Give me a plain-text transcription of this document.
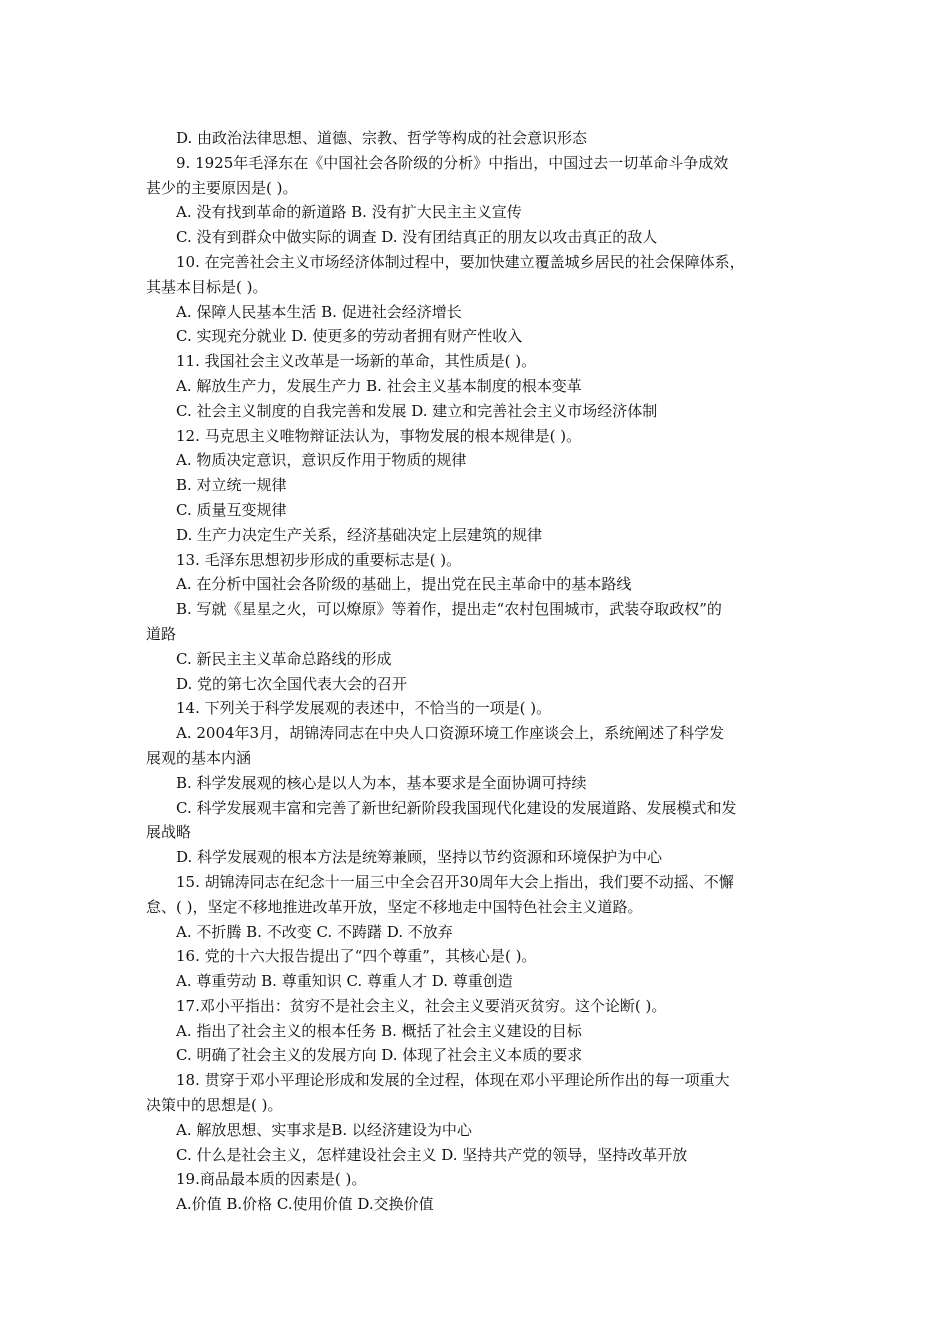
D. 由政治法律思想、道德、宗教、哲学等构成的社会意识形态
9. 1925年毛泽东在《中国社会各阶级的分析》中指出，中国过去一切革命斗争成效
甚少的主要原因是( )。
A. 没有找到革命的新道路 B. 没有扩大民主主义宣传
C. 没有到群众中做实际的调查 D. 没有团结真正的朋友以攻击真正的敌人
10. 在完善社会主义市场经济体制过程中，要加快建立覆盖城乡居民的社会保障体系，
其基本目标是( )。
A. 保障人民基本生活 B. 促进社会经济增长
C. 实现充分就业 D. 使更多的劳动者拥有财产性收入
11. 我国社会主义改革是一场新的革命，其性质是( )。
A. 解放生产力，发展生产力 B. 社会主义基本制度的根本变革
C. 社会主义制度的自我完善和发展 D. 建立和完善社会主义市场经济体制
12. 马克思主义唯物辩证法认为，事物发展的根本规律是( )。
A. 物质决定意识，意识反作用于物质的规律
B. 对立统一规律
C. 质量互变规律
D. 生产力决定生产关系，经济基础决定上层建筑的规律
13. 毛泽东思想初步形成的重要标志是( )。
A. 在分析中国社会各阶级的基础上，提出党在民主革命中的基本路线
B. 写就《星星之火，可以燎原》等着作，提出走“农村包围城市，武装夺取政权”的
道路
C. 新民主主义革命总路线的形成
D. 党的第七次全国代表大会的召开
14. 下列关于科学发展观的表述中，不恰当的一项是( )。
A. 2004年3月，胡锦涛同志在中央人口资源环境工作座谈会上，系统阐述了科学发
展观的基本内涵
B. 科学发展观的核心是以人为本，基本要求是全面协调可持续
C. 科学发展观丰富和完善了新世纪新阶段我国现代化建设的发展道路、发展模式和发
展战略
D. 科学发展观的根本方法是统筹兼顾，坚持以节约资源和环境保护为中心
15. 胡锦涛同志在纪念十一届三中全会召开30周年大会上指出，我们要不动摇、不懈
怠、( )，坚定不移地推进改革开放，坚定不移地走中国特色社会主义道路。
A. 不折腾 B. 不改变 C. 不踌躇 D. 不放弃
16. 党的十六大报告提出了“四个尊重”，其核心是( )。
A. 尊重劳动 B. 尊重知识 C. 尊重人才 D. 尊重创造
17.邓小平指出：贫穷不是社会主义，社会主义要消灭贫穷。这个论断( )。
A. 指出了社会主义的根本任务 B. 概括了社会主义建设的目标
C. 明确了社会主义的发展方向 D. 体现了社会主义本质的要求
18. 贯穿于邓小平理论形成和发展的全过程，体现在邓小平理论所作出的每一项重大
决策中的思想是( )。
A. 解放思想、实事求是B. 以经济建设为中心
C. 什么是社会主义，怎样建设社会主义 D. 坚持共产党的领导，坚持改革开放
19.商品最本质的因素是( )。
A.价值 B.价格 C.使用价值 D.交换价值
